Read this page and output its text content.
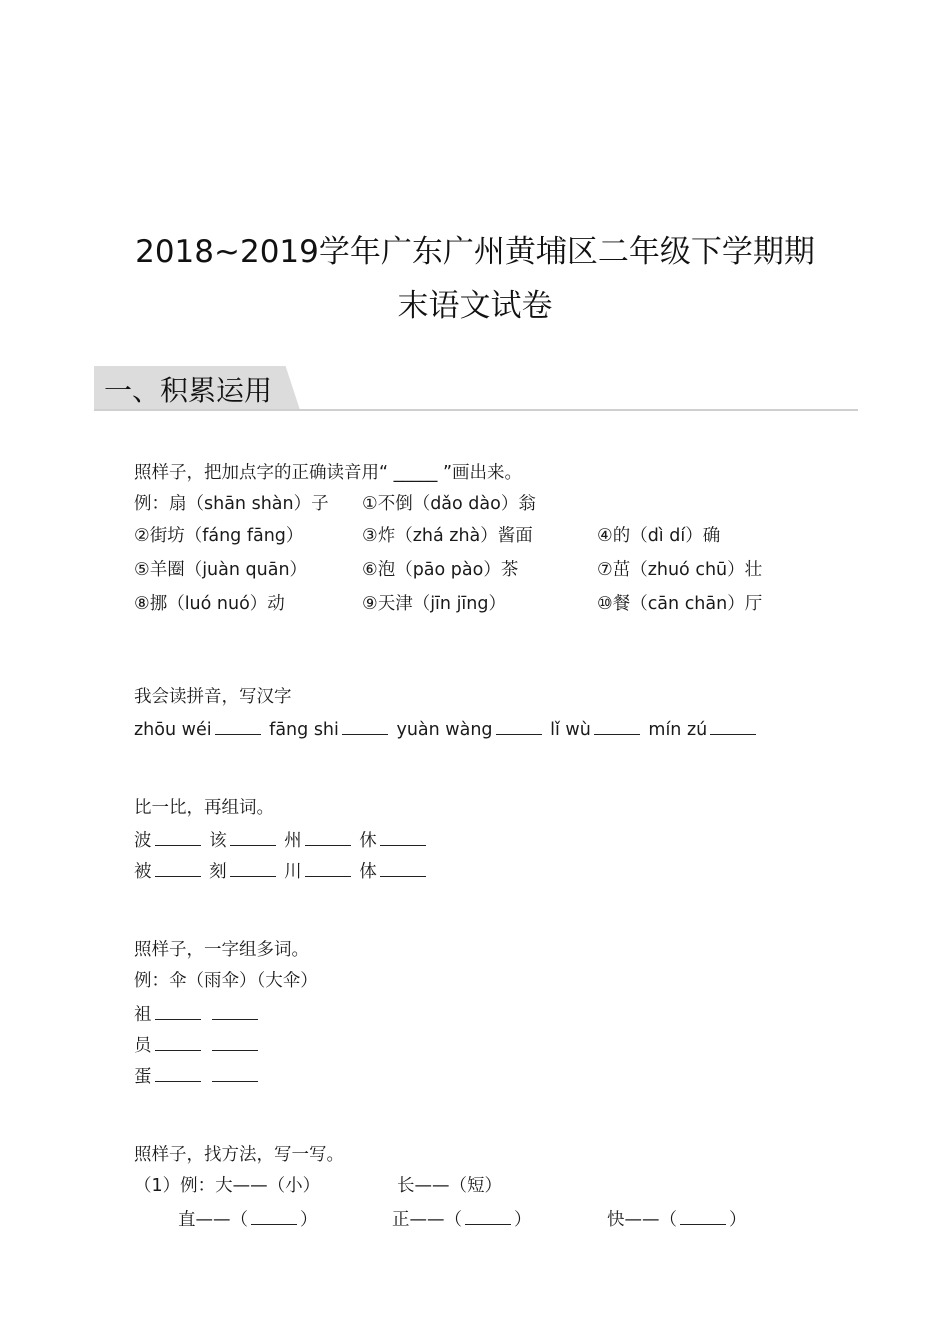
2018~2019学年广东广州黄埔区二年级下学期期
末语文试卷
一、积累运用
照样子，把加点字的正确读音用“ _____ ”画出来。
例：扇（shān shàn）子 ①不倒（dǎo dào）翁
②街坊（fáng fāng）	③炸（zhá zhà）酱面	④的（dì dí）确
⑤羊圈（juàn quān）	⑥泡（pāo pào）茶	⑦茁（zhuó chū）壮
⑧挪（luó nuó）动	⑨天津（jīn jīng）	⑩餐（cān chān）厅
我会读拼音，写汉字
zhōu wéi	fāng shi	yuàn wàng	lǐ wù	mín zú
比一比，再组词。
波	该	州	休
被	刻	川	体
照样子，一字组多词。
例：伞（雨伞）（大伞）
祖
员
蛋
照样子，找方法，写一写。
（1）例：大——（小）	长——（短）
直——（	）	正——（	）	快——（	）
